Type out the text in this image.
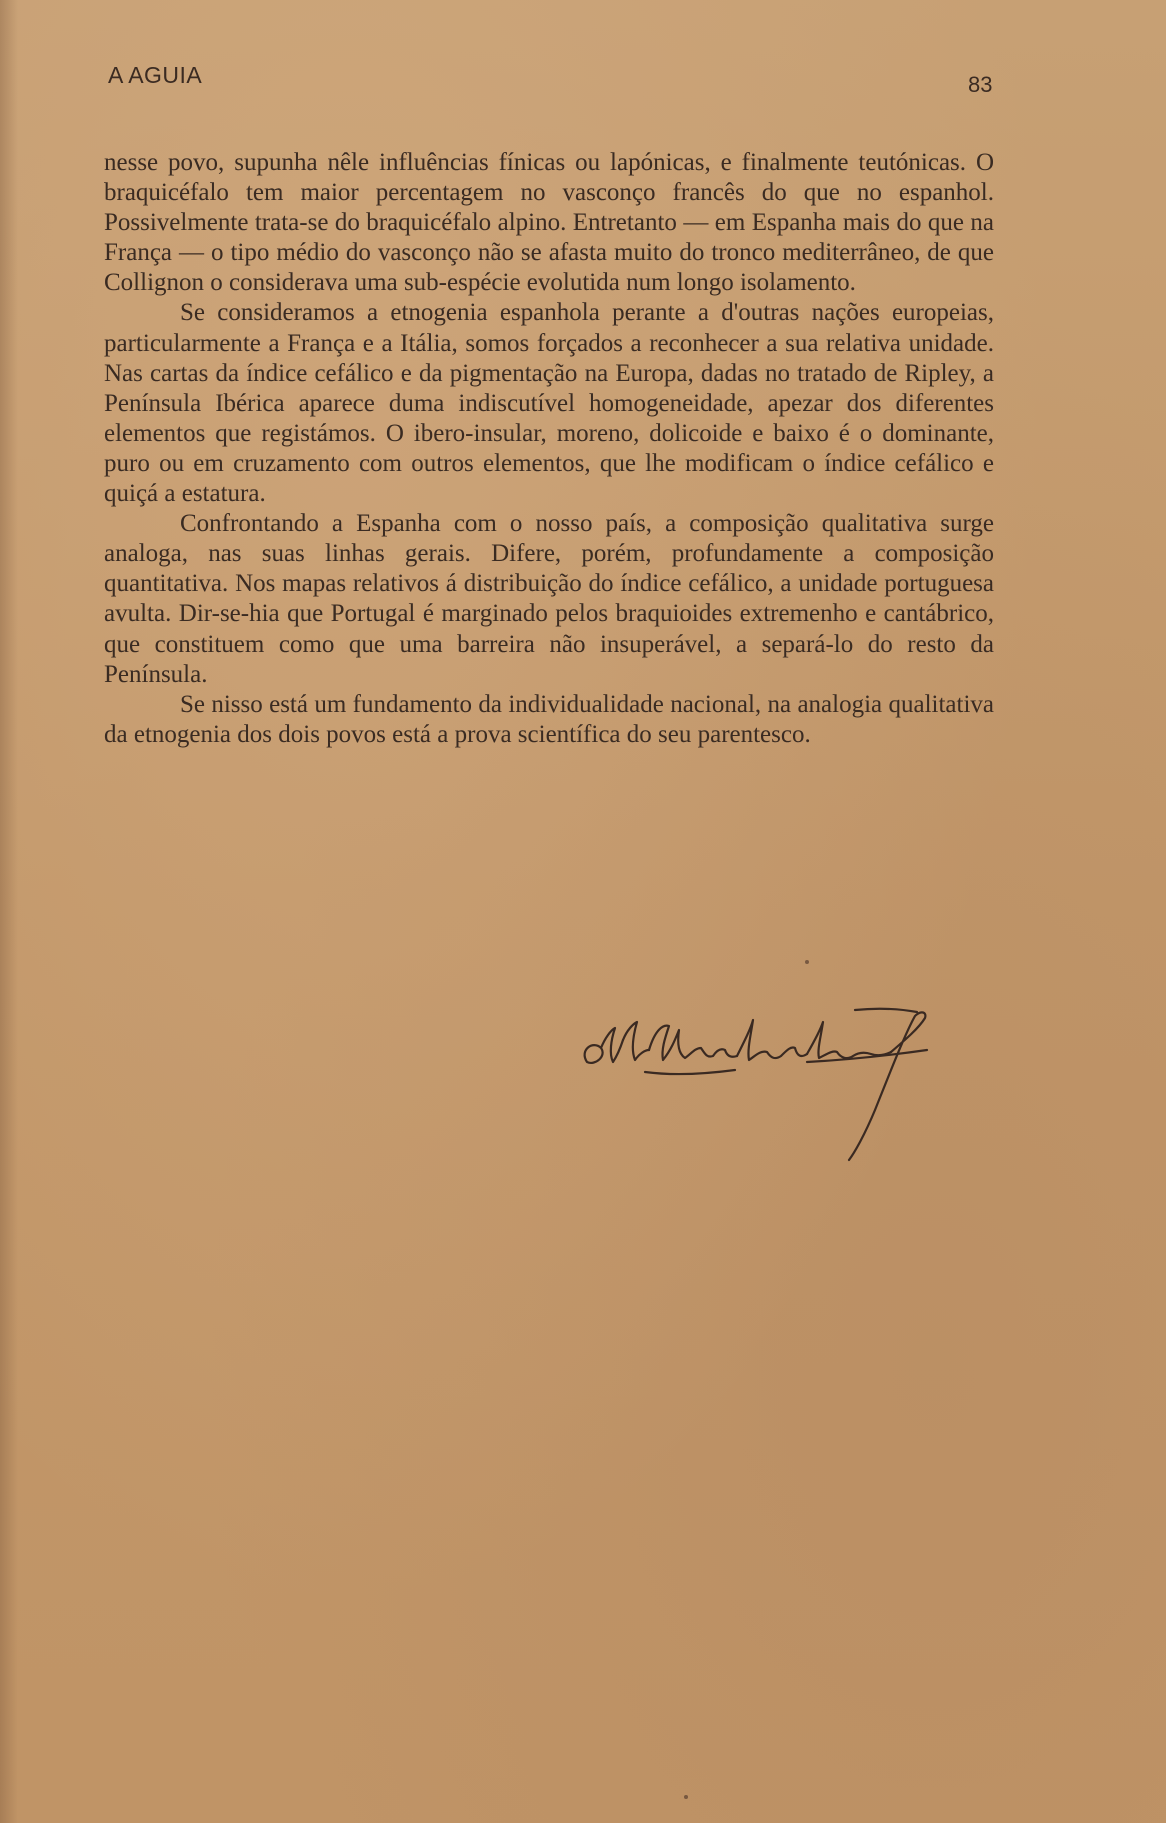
A AGUIA	83

nesse povo, supunha nêle influências fínicas ou lapónicas, e finalmente teutónicas. O braquicéfalo tem maior percentagem no vasconço francês do que no espanhol. Possivelmente trata-se do braquicéfalo alpino. Entretanto — em Espanha mais do que na França — o tipo médio do vasconço não se afasta muito do tronco mediterrâneo, de que Collignon o considerava uma sub-espécie evolutida num longo isolamento.

Se consideramos a etnogenia espanhola perante a d'outras nações europeias, particularmente a França e a Itália, somos forçados a reconhecer a sua relativa unidade. Nas cartas da índice cefálico e da pigmentação na Europa, dadas no tratado de Ripley, a Península Ibérica aparece duma indiscutível homogeneidade, apezar dos diferentes elementos que registámos. O ibero-insular, moreno, dolicoide e baixo é o dominante, puro ou em cruzamento com outros elementos, que lhe modificam o índice cefálico e quiçá a estatura.

Confrontando a Espanha com o nosso país, a composição qualitativa surge analoga, nas suas linhas gerais. Difere, porém, profundamente a composição quantitativa. Nos mapas relativos á distribuição do índice cefálico, a unidade portuguesa avulta. Dir-se-hia que Portugal é marginado pelos braquioides extremenho e cantábrico, que constituem como que uma barreira não insuperável, a separá-lo do resto da Península.

Se nisso está um fundamento da individualidade nacional, na analogia qualitativa da etnogenia dos dois povos está a prova scientífica do seu parentesco.
